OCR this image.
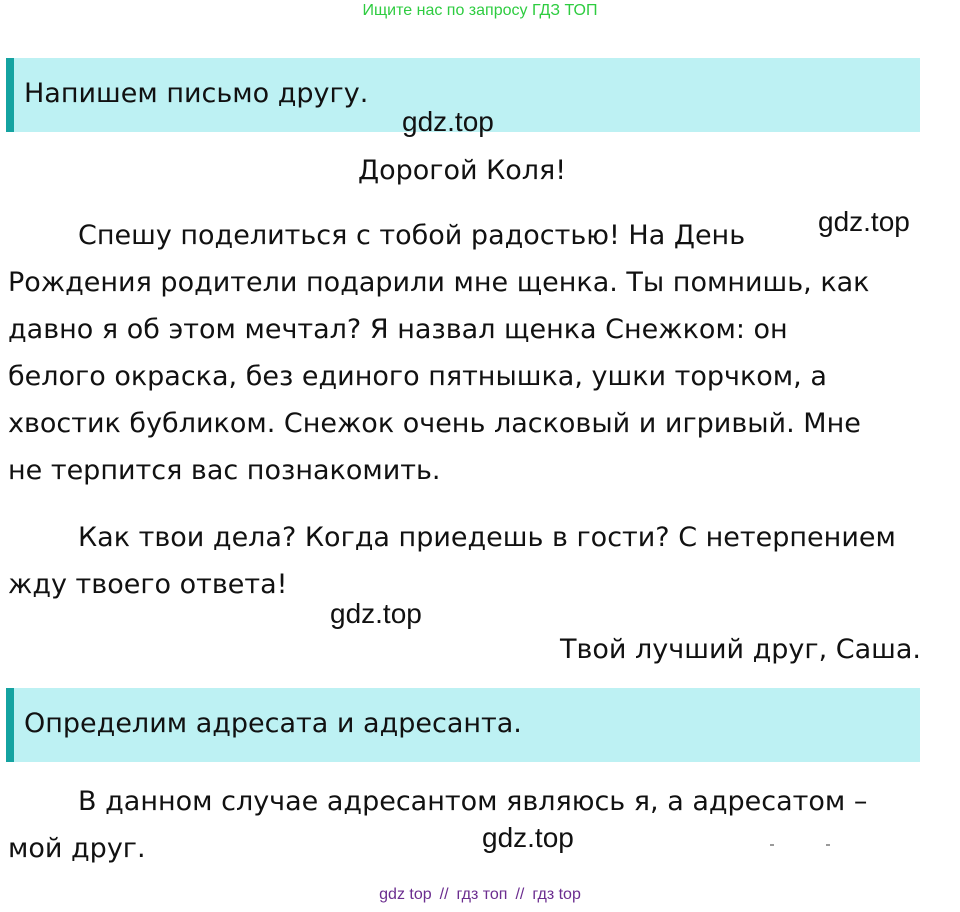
Ищите нас по запросу ГДЗ ТОП
Напишем письмо другу.
gdz.top
Дорогой Коля!
gdz.top
Спешу поделиться с тобой радостью! На День
Рождения родители подарили мне щенка. Ты помнишь, как
давно я об этом мечтал? Я назвал щенка Снежком: он
белого окраска, без единого пятнышка, ушки торчком, а
хвостик бубликом. Снежок очень ласковый и игривый. Мне
не терпится вас познакомить.
Как твои дела? Когда приедешь в гости? С нетерпением
жду твоего ответа!
gdz.top
Твой лучший друг, Саша.
Определим адресата и адресанта.
В данном случае адресантом являюсь я, а адресатом –
мой друг.	gdz.top
gdz top // гдз топ // гдз top
